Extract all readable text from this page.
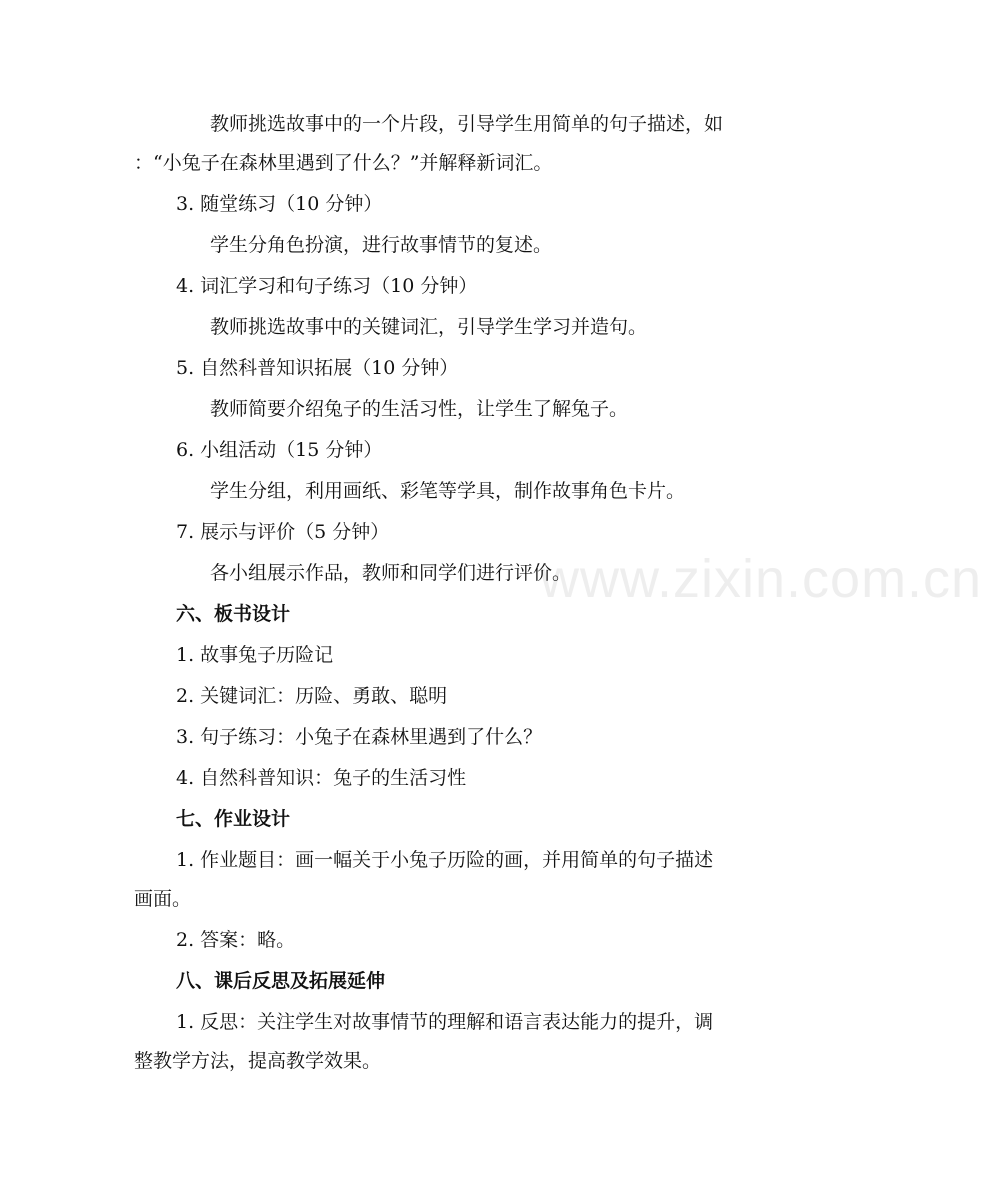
www.zixin.com.cn
教师挑选故事中的一个片段，引导学生用简单的句子描述，如
：“小兔子在森林里遇到了什么？”并解释新词汇。
3. 随堂练习（10 分钟）
学生分角色扮演，进行故事情节的复述。
4. 词汇学习和句子练习（10 分钟）
教师挑选故事中的关键词汇，引导学生学习并造句。
5. 自然科普知识拓展（10 分钟）
教师简要介绍兔子的生活习性，让学生了解兔子。
6. 小组活动（15 分钟）
学生分组，利用画纸、彩笔等学具，制作故事角色卡片。
7. 展示与评价（5 分钟）
各小组展示作品，教师和同学们进行评价。
六、板书设计
1. 故事兔子历险记
2. 关键词汇：历险、勇敢、聪明
3. 句子练习：小兔子在森林里遇到了什么？
4. 自然科普知识：兔子的生活习性
七、作业设计
1. 作业题目：画一幅关于小兔子历险的画，并用简单的句子描述
画面。
2. 答案：略。
八、课后反思及拓展延伸
1. 反思：关注学生对故事情节的理解和语言表达能力的提升，调
整教学方法，提高教学效果。
